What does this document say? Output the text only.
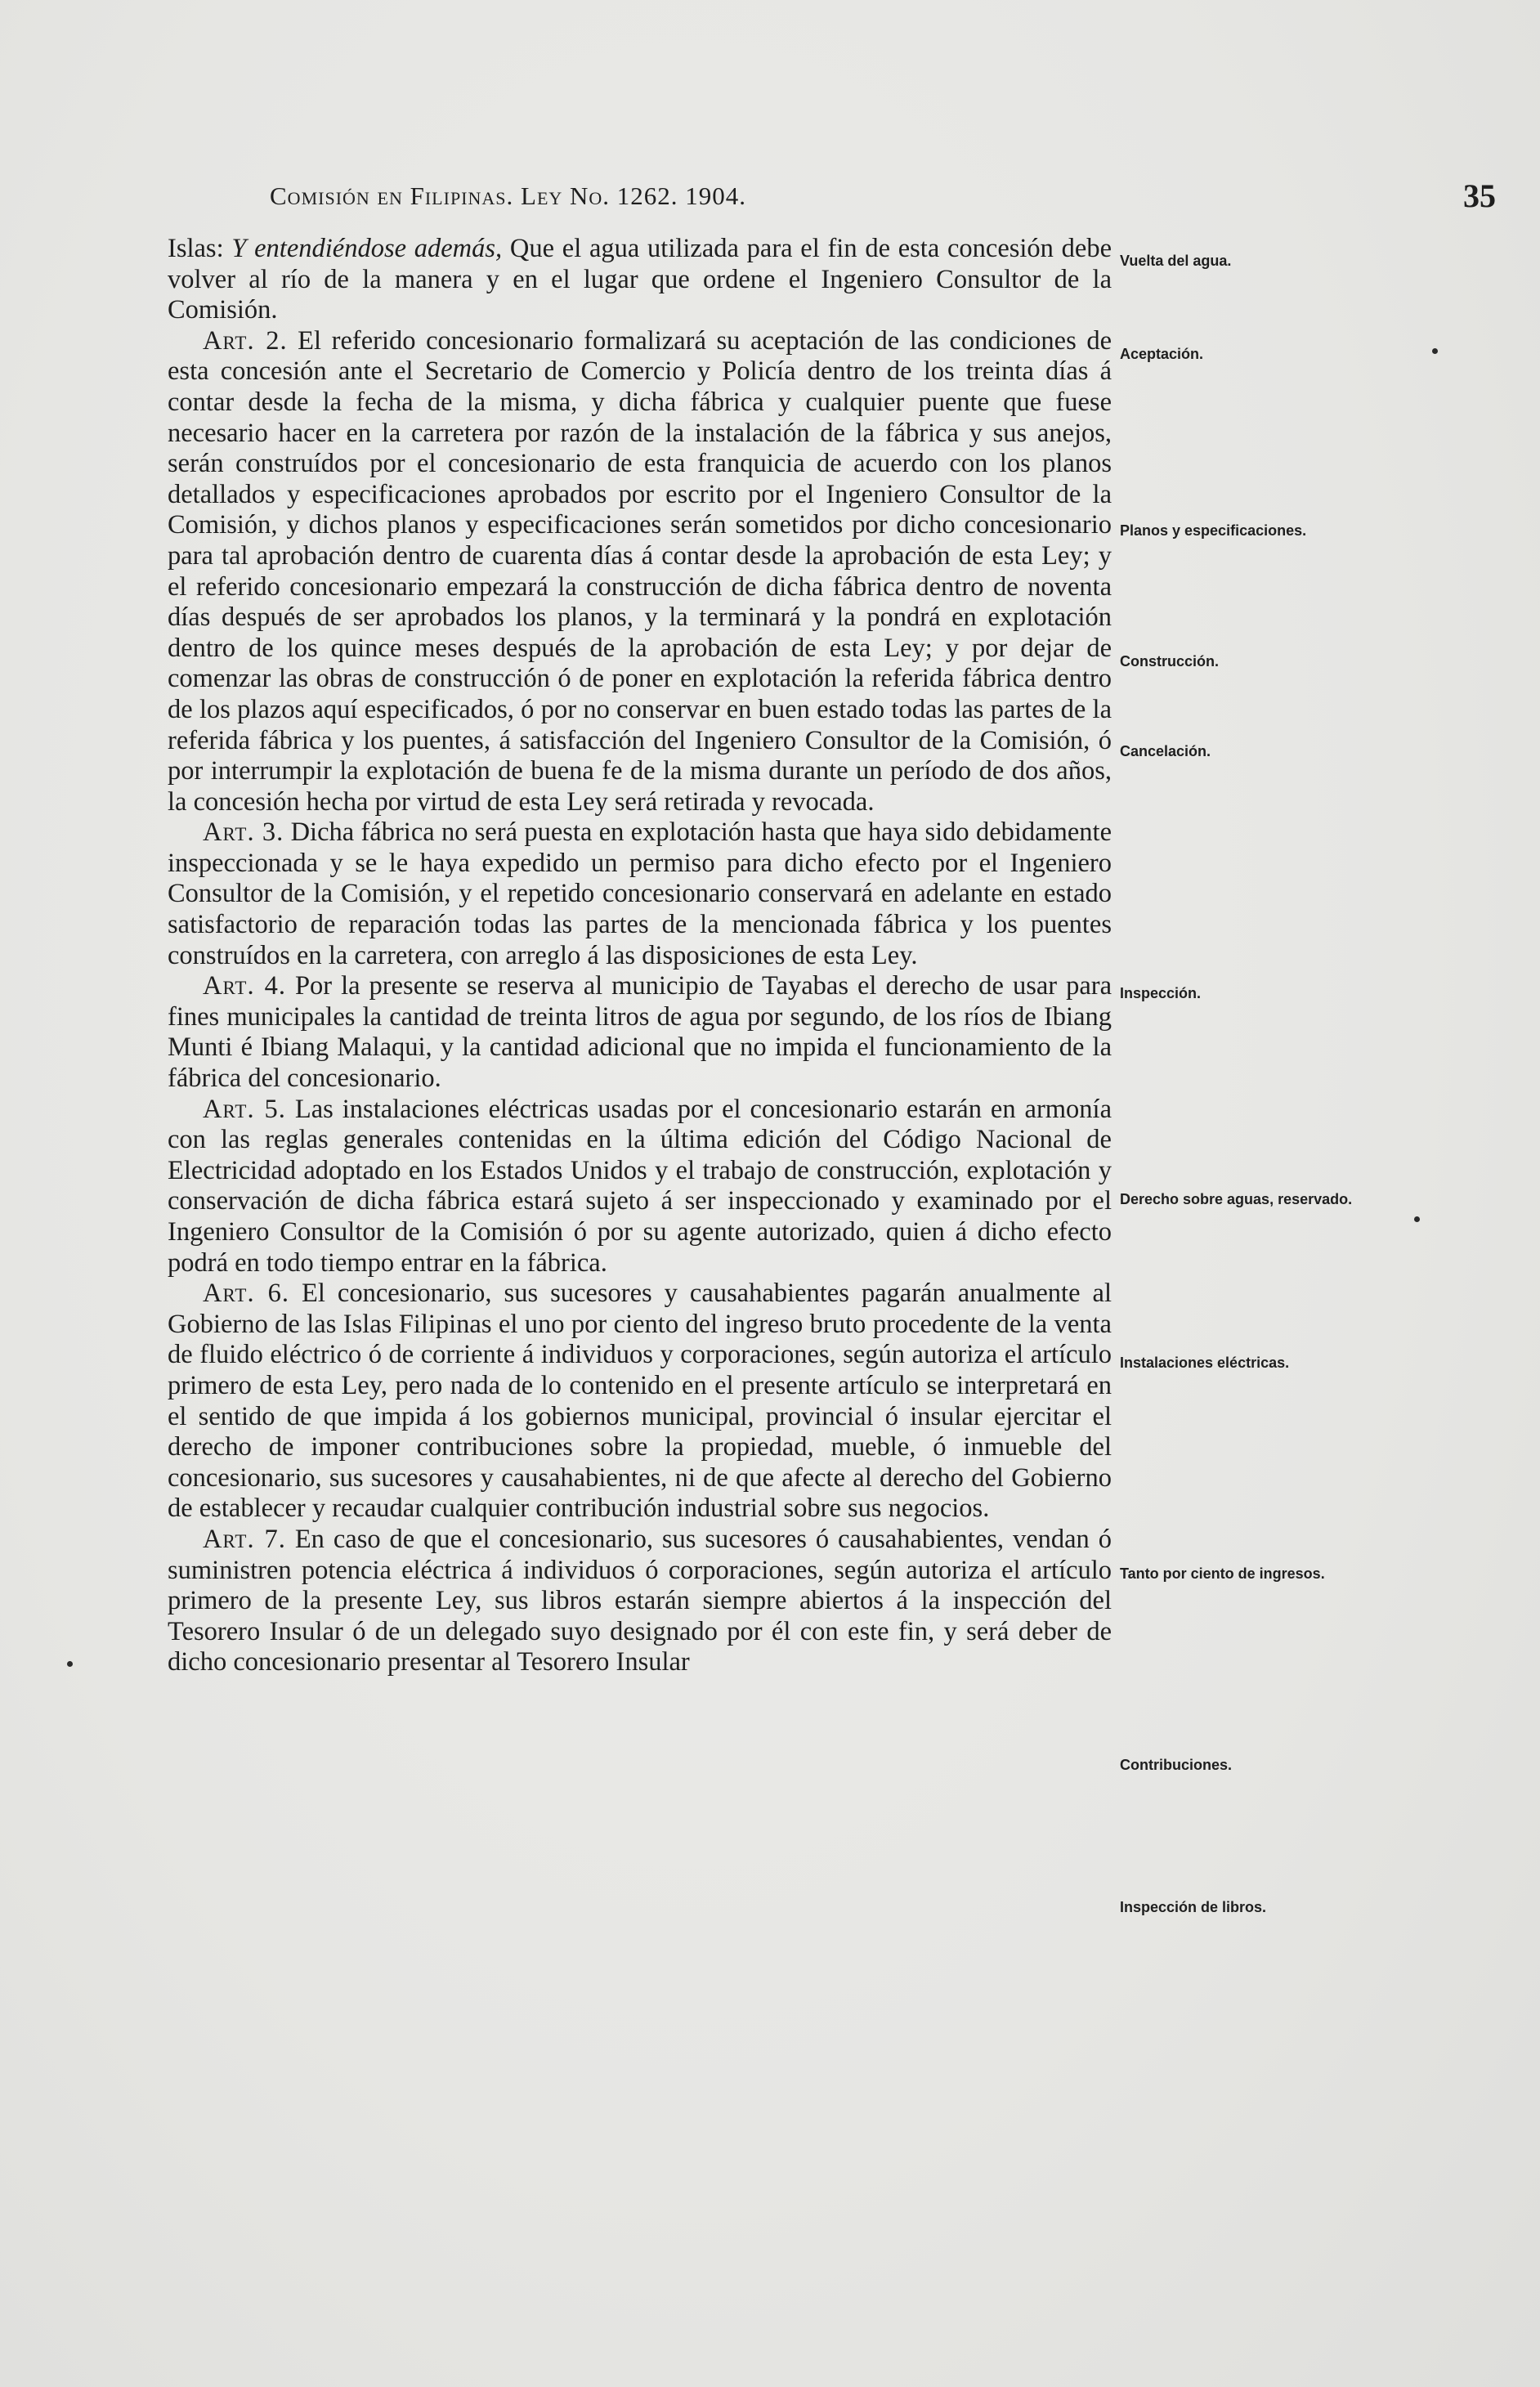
Comisión en Filipinas. Ley No. 1262. 1904.	35

Islas: Y entendiéndose además, Que el agua utilizada para el fin de esta concesión debe volver al río de la manera y en el lugar que ordene el Ingeniero Consultor de la Comisión.

Art. 2. El referido concesionario formalizará su aceptación de las condiciones de esta concesión ante el Secretario de Comercio y Policía dentro de los treinta días á contar desde la fecha de la misma, y dicha fábrica y cualquier puente que fuese necesario hacer en la carretera por razón de la instalación de la fábrica y sus anejos, serán construídos por el concesionario de esta franquicia de acuerdo con los planos detallados y especificaciones aprobados por escrito por el Ingeniero Consultor de la Comisión, y dichos planos y especificaciones serán sometidos por dicho concesionario para tal aprobación dentro de cuarenta días á contar desde la aprobación de esta Ley; y el referido concesionario empezará la construcción de dicha fábrica dentro de noventa días después de ser aprobados los planos, y la terminará y la pondrá en explotación dentro de los quince meses después de la aprobación de esta Ley; y por dejar de comenzar las obras de construcción ó de poner en explotación la referida fábrica dentro de los plazos aquí especificados, ó por no conservar en buen estado todas las partes de la referida fábrica y los puentes, á satisfacción del Ingeniero Consultor de la Comisión, ó por interrumpir la explotación de buena fe de la misma durante un período de dos años, la concesión hecha por virtud de esta Ley será retirada y revocada.

Art. 3. Dicha fábrica no será puesta en explotación hasta que haya sido debidamente inspeccionada y se le haya expedido un permiso para dicho efecto por el Ingeniero Consultor de la Comisión, y el repetido concesionario conservará en adelante en estado satisfactorio de reparación todas las partes de la mencionada fábrica y los puentes construídos en la carretera, con arreglo á las disposiciones de esta Ley.

Art. 4. Por la presente se reserva al municipio de Tayabas el derecho de usar para fines municipales la cantidad de treinta litros de agua por segundo, de los ríos de Ibiang Munti é Ibiang Malaqui, y la cantidad adicional que no impida el funcionamiento de la fábrica del concesionario.

Art. 5. Las instalaciones eléctricas usadas por el concesionario estarán en armonía con las reglas generales contenidas en la última edición del Código Nacional de Electricidad adoptado en los Estados Unidos y el trabajo de construcción, explotación y conservación de dicha fábrica estará sujeto á ser inspeccionado y examinado por el Ingeniero Consultor de la Comisión ó por su agente autorizado, quien á dicho efecto podrá en todo tiempo entrar en la fábrica.

Art. 6. El concesionario, sus sucesores y causahabientes pagarán anualmente al Gobierno de las Islas Filipinas el uno por ciento del ingreso bruto procedente de la venta de fluido eléctrico ó de corriente á individuos y corporaciones, según autoriza el artículo primero de esta Ley, pero nada de lo contenido en el presente artículo se interpretará en el sentido de que impida á los gobiernos municipal, provincial ó insular ejercitar el derecho de imponer contribuciones sobre la propiedad, mueble, ó inmueble del concesionario, sus sucesores y causahabientes, ni de que afecte al derecho del Gobierno de establecer y recaudar cualquier contribución industrial sobre sus negocios.

Art. 7. En caso de que el concesionario, sus sucesores ó causahabientes, vendan ó suministren potencia eléctrica á individuos ó corporaciones, según autoriza el artículo primero de la presente Ley, sus libros estarán siempre abiertos á la inspección del Tesorero Insular ó de un delegado suyo designado por él con este fin, y será deber de dicho concesionario presentar al Tesorero Insular

Vuelta del agua.
Aceptación.
Planos y especificaciones.
Construcción.
Cancelación.
Inspección.
Derecho sobre aguas, reservado.
Instalaciones eléctricas.
Tanto por ciento de ingresos.
Contribuciones.
Inspección de libros.
